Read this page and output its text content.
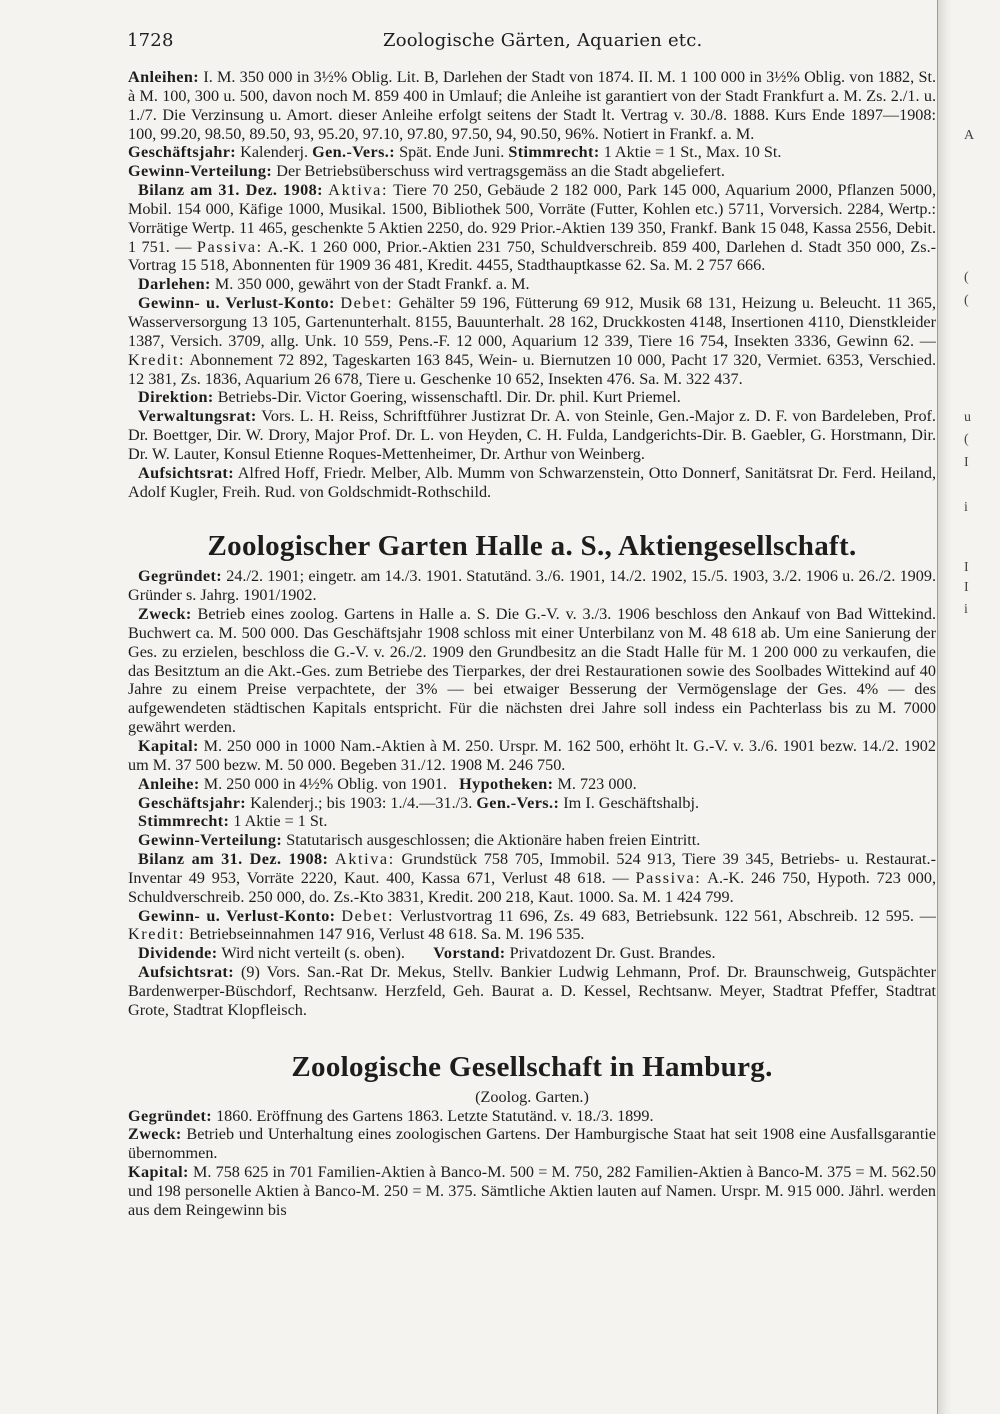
A
(
(
u
(
I
i
I
I
i
1728	Zoologische Gärten, Aquarien etc.

Anleihen: I. M. 350 000 in 3½% Oblig. Lit. B, Darlehen der Stadt von 1874. II. M. 1 100 000 in 3½% Oblig. von 1882, St. à M. 100, 300 u. 500, davon noch M. 859 400 in Umlauf; die Anleihe ist garantiert von der Stadt Frankfurt a. M. Zs. 2./1. u. 1./7. Die Verzinsung u. Amort. dieser Anleihe erfolgt seitens der Stadt lt. Vertrag v. 30./8. 1888. Kurs Ende 1897—1908: 100, 99.20, 98.50, 89.50, 93, 95.20, 97.10, 97.80, 97.50, 94, 90.50, 96%. Notiert in Frankf. a. M.

Geschäftsjahr: Kalenderj. Gen.-Vers.: Spät. Ende Juni. Stimmrecht: 1 Aktie = 1 St., Max. 10 St.

Gewinn-Verteilung: Der Betriebsüberschuss wird vertragsgemäss an die Stadt abgeliefert.

Bilanz am 31. Dez. 1908: Aktiva: Tiere 70 250, Gebäude 2 182 000, Park 145 000, Aquarium 2000, Pflanzen 5000, Mobil. 154 000, Käfige 1000, Musikal. 1500, Bibliothek 500, Vorräte (Futter, Kohlen etc.) 5711, Vorversich. 2284, Wertp.: Vorrätige Wertp. 11 465, geschenkte 5 Aktien 2250, do. 929 Prior.-Aktien 139 350, Frankf. Bank 15 048, Kassa 2556, Debit. 1 751. — Passiva: A.-K. 1 260 000, Prior.-Aktien 231 750, Schuldverschreib. 859 400, Darlehen d. Stadt 350 000, Zs.-Vortrag 15 518, Abonnenten für 1909 36 481, Kredit. 4455, Stadthauptkasse 62. Sa. M. 2 757 666.

Darlehen: M. 350 000, gewährt von der Stadt Frankf. a. M.

Gewinn- u. Verlust-Konto: Debet: Gehälter 59 196, Fütterung 69 912, Musik 68 131, Heizung u. Beleucht. 11 365, Wasserversorgung 13 105, Gartenunterhalt. 8155, Bauunterhalt. 28 162, Druckkosten 4148, Insertionen 4110, Dienstkleider 1387, Versich. 3709, allg. Unk. 10 559, Pens.-F. 12 000, Aquarium 12 339, Tiere 16 754, Insekten 3336, Gewinn 62. — Kredit: Abonnement 72 892, Tageskarten 163 845, Wein- u. Biernutzen 10 000, Pacht 17 320, Vermiet. 6353, Verschied. 12 381, Zs. 1836, Aquarium 26 678, Tiere u. Geschenke 10 652, Insekten 476. Sa. M. 322 437.

Direktion: Betriebs-Dir. Victor Goering, wissenschaftl. Dir. Dr. phil. Kurt Priemel.

Verwaltungsrat: Vors. L. H. Reiss, Schriftführer Justizrat Dr. A. von Steinle, Gen.-Major z. D. F. von Bardeleben, Prof. Dr. Boettger, Dir. W. Drory, Major Prof. Dr. L. von Heyden, C. H. Fulda, Landgerichts-Dir. B. Gaebler, G. Horstmann, Dir. Dr. W. Lauter, Konsul Etienne Roques-Mettenheimer, Dr. Arthur von Weinberg.

Aufsichtsrat: Alfred Hoff, Friedr. Melber, Alb. Mumm von Schwarzenstein, Otto Donnerf, Sanitätsrat Dr. Ferd. Heiland, Adolf Kugler, Freih. Rud. von Goldschmidt-Rothschild.

Zoologischer Garten Halle a. S., Aktiengesellschaft.

Gegründet: 24./2. 1901; eingetr. am 14./3. 1901. Statutänd. 3./6. 1901, 14./2. 1902, 15./5. 1903, 3./2. 1906 u. 26./2. 1909. Gründer s. Jahrg. 1901/1902.

Zweck: Betrieb eines zoolog. Gartens in Halle a. S. Die G.-V. v. 3./3. 1906 beschloss den Ankauf von Bad Wittekind. Buchwert ca. M. 500 000. Das Geschäftsjahr 1908 schloss mit einer Unterbilanz von M. 48 618 ab. Um eine Sanierung der Ges. zu erzielen, beschloss die G.-V. v. 26./2. 1909 den Grundbesitz an die Stadt Halle für M. 1 200 000 zu verkaufen, die das Besitztum an die Akt.-Ges. zum Betriebe des Tierparkes, der drei Restaurationen sowie des Soolbades Wittekind auf 40 Jahre zu einem Preise verpachtete, der 3% — bei etwaiger Besserung der Vermögenslage der Ges. 4% — des aufgewendeten städtischen Kapitals entspricht. Für die nächsten drei Jahre soll indess ein Pachterlass bis zu M. 7000 gewährt werden.

Kapital: M. 250 000 in 1000 Nam.-Aktien à M. 250. Urspr. M. 162 500, erhöht lt. G.-V. v. 3./6. 1901 bezw. 14./2. 1902 um M. 37 500 bezw. M. 50 000. Begeben 31./12. 1908 M. 246 750.

Anleihe: M. 250 000 in 4½% Oblig. von 1901. Hypotheken: M. 723 000.

Geschäftsjahr: Kalenderj.; bis 1903: 1./4.—31./3. Gen.-Vers.: Im I. Geschäftshalbj.

Stimmrecht: 1 Aktie = 1 St.

Gewinn-Verteilung: Statutarisch ausgeschlossen; die Aktionäre haben freien Eintritt.

Bilanz am 31. Dez. 1908: Aktiva: Grundstück 758 705, Immobil. 524 913, Tiere 39 345, Betriebs- u. Restaurat.-Inventar 49 953, Vorräte 2220, Kaut. 400, Kassa 671, Verlust 48 618. — Passiva: A.-K. 246 750, Hypoth. 723 000, Schuldverschreib. 250 000, do. Zs.-Kto 3831, Kredit. 200 218, Kaut. 1000. Sa. M. 1 424 799.

Gewinn- u. Verlust-Konto: Debet: Verlustvortrag 11 696, Zs. 49 683, Betriebsunk. 122 561, Abschreib. 12 595. — Kredit: Betriebseinnahmen 147 916, Verlust 48 618. Sa. M. 196 535.

Dividende: Wird nicht verteilt (s. oben). Vorstand: Privatdozent Dr. Gust. Brandes.

Aufsichtsrat: (9) Vors. San.-Rat Dr. Mekus, Stellv. Bankier Ludwig Lehmann, Prof. Dr. Braunschweig, Gutspächter Bardenwerper-Büschdorf, Rechtsanw. Herzfeld, Geh. Baurat a. D. Kessel, Rechtsanw. Meyer, Stadtrat Pfeffer, Stadtrat Grote, Stadtrat Klopfleisch.

Zoologische Gesellschaft in Hamburg.

(Zoolog. Garten.)

Gegründet: 1860. Eröffnung des Gartens 1863. Letzte Statutänd. v. 18./3. 1899.

Zweck: Betrieb und Unterhaltung eines zoologischen Gartens. Der Hamburgische Staat hat seit 1908 eine Ausfallsgarantie übernommen.

Kapital: M. 758 625 in 701 Familien-Aktien à Banco-M. 500 = M. 750, 282 Familien-Aktien à Banco-M. 375 = M. 562.50 und 198 personelle Aktien à Banco-M. 250 = M. 375. Sämtliche Aktien lauten auf Namen. Urspr. M. 915 000. Jährl. werden aus dem Reingewinn bis
